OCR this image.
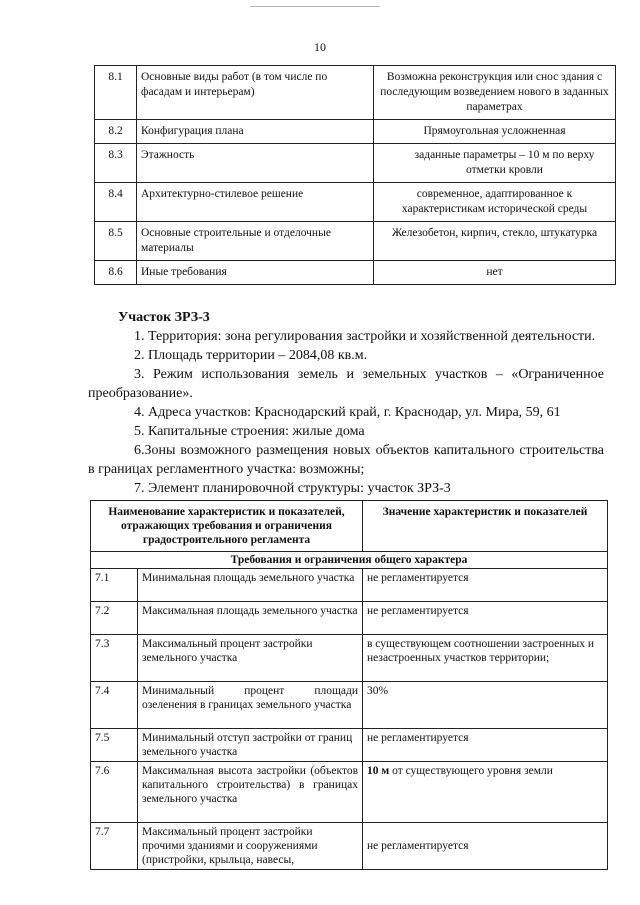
10
8.1	Основные виды работ (в том числе по фасадам и интерьерам)	Возможна реконструкция или снос здания с последующим возведением нового в заданных параметрах
8.2	Конфигурация плана	Прямоугольная усложненная
8.3	Этажность	заданные параметры – 10 м по верху отметки кровли
8.4	Архитектурно-стилевое решение	современное, адаптированное к характеристикам исторической среды
8.5	Основные строительные и отделочные материалы	Железобетон, кирпич, стекло, штукатурка
8.6	Иные требования	нет
Участок ЗРЗ-3

1. Территория: зона регулирования застройки и хозяйственной деятельности.

2. Площадь территории – 2084,08 кв.м.

3. Режим использования земель и земельных участков – «Ограниченное преобразование».

4. Адреса участков: Краснодарский край, г. Краснодар, ул. Мира, 59, 61

5. Капитальные строения: жилые дома

6.Зоны возможного размещения новых объектов капитального строительства в границах регламентного участка: возможны;

7. Элемент планировочной структуры: участок ЗРЗ-3

Наименование характеристик и показателей, отражающих требования и ограничения градостроительного регламента		Значение характеристик и показателей
Требования и ограничения общего характера		
7.1	Минимальная площадь земельного участка	не регламентируется
7.2	Максимальная площадь земельного участка	не регламентируется
7.3	Максимальный процент застройки земельного участка	в существующем соотношении застроенных и незастроенных участков территории;
7.4	Минимальный процент площади озеленения в границах земельного участка	30%
7.5	Минимальный отступ застройки от границ земельного участка	не регламентируется
7.6	Максимальная высота застройки (объектов капитального строительства) в границах земельного участка	10 м от существующего уровня земли
7.7	Максимальный процент застройки прочими зданиями и сооружениями (пристройки, крыльца, навесы,	не регламентируется
